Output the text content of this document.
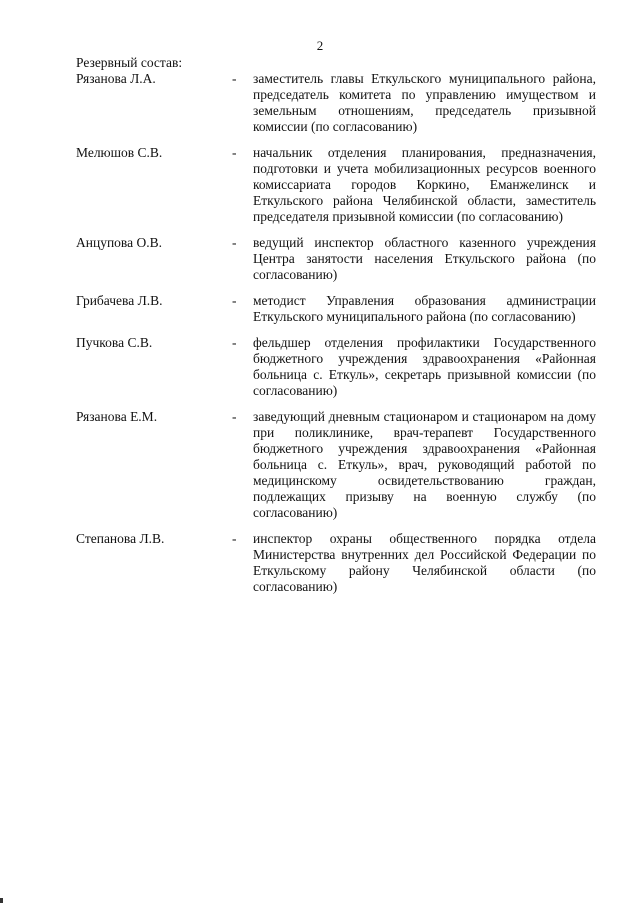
2
Резервный состав:
Рязанова Л.А.	-	заместитель главы Еткульского муниципального района, председатель комитета по управлению имуществом и земельным отношениям, председатель призывной комиссии (по согласованию)
Мелюшов С.В.	-	начальник отделения планирования, предназначения, подготовки и учета мобилизационных ресурсов военного комиссариата городов Коркино, Еманжелинск и Еткульского района Челябинской области, заместитель председателя призывной комиссии (по согласованию)
Анцупова О.В.	-	ведущий инспектор областного казенного учреждения Центра занятости населения Еткульского района (по согласованию)
Грибачева Л.В.	-	методист Управления образования администрации Еткульского муниципального района (по согласованию)
Пучкова С.В.	-	фельдшер отделения профилактики Государственного бюджетного учреждения здравоохранения «Районная больница с. Еткуль», секретарь призывной комиссии (по согласованию)
Рязанова Е.М.	-	заведующий дневным стационаром и стационаром на дому при поликлинике, врач-терапевт Государственного бюджетного учреждения здравоохранения «Районная больница с. Еткуль», врач, руководящий работой по медицинскому освидетельствованию граждан, подлежащих призыву на военную службу (по согласованию)
Степанова Л.В.	-	инспектор охраны общественного порядка отдела Министерства внутренних дел Российской Федерации по Еткульскому району Челябинской области (по согласованию)
